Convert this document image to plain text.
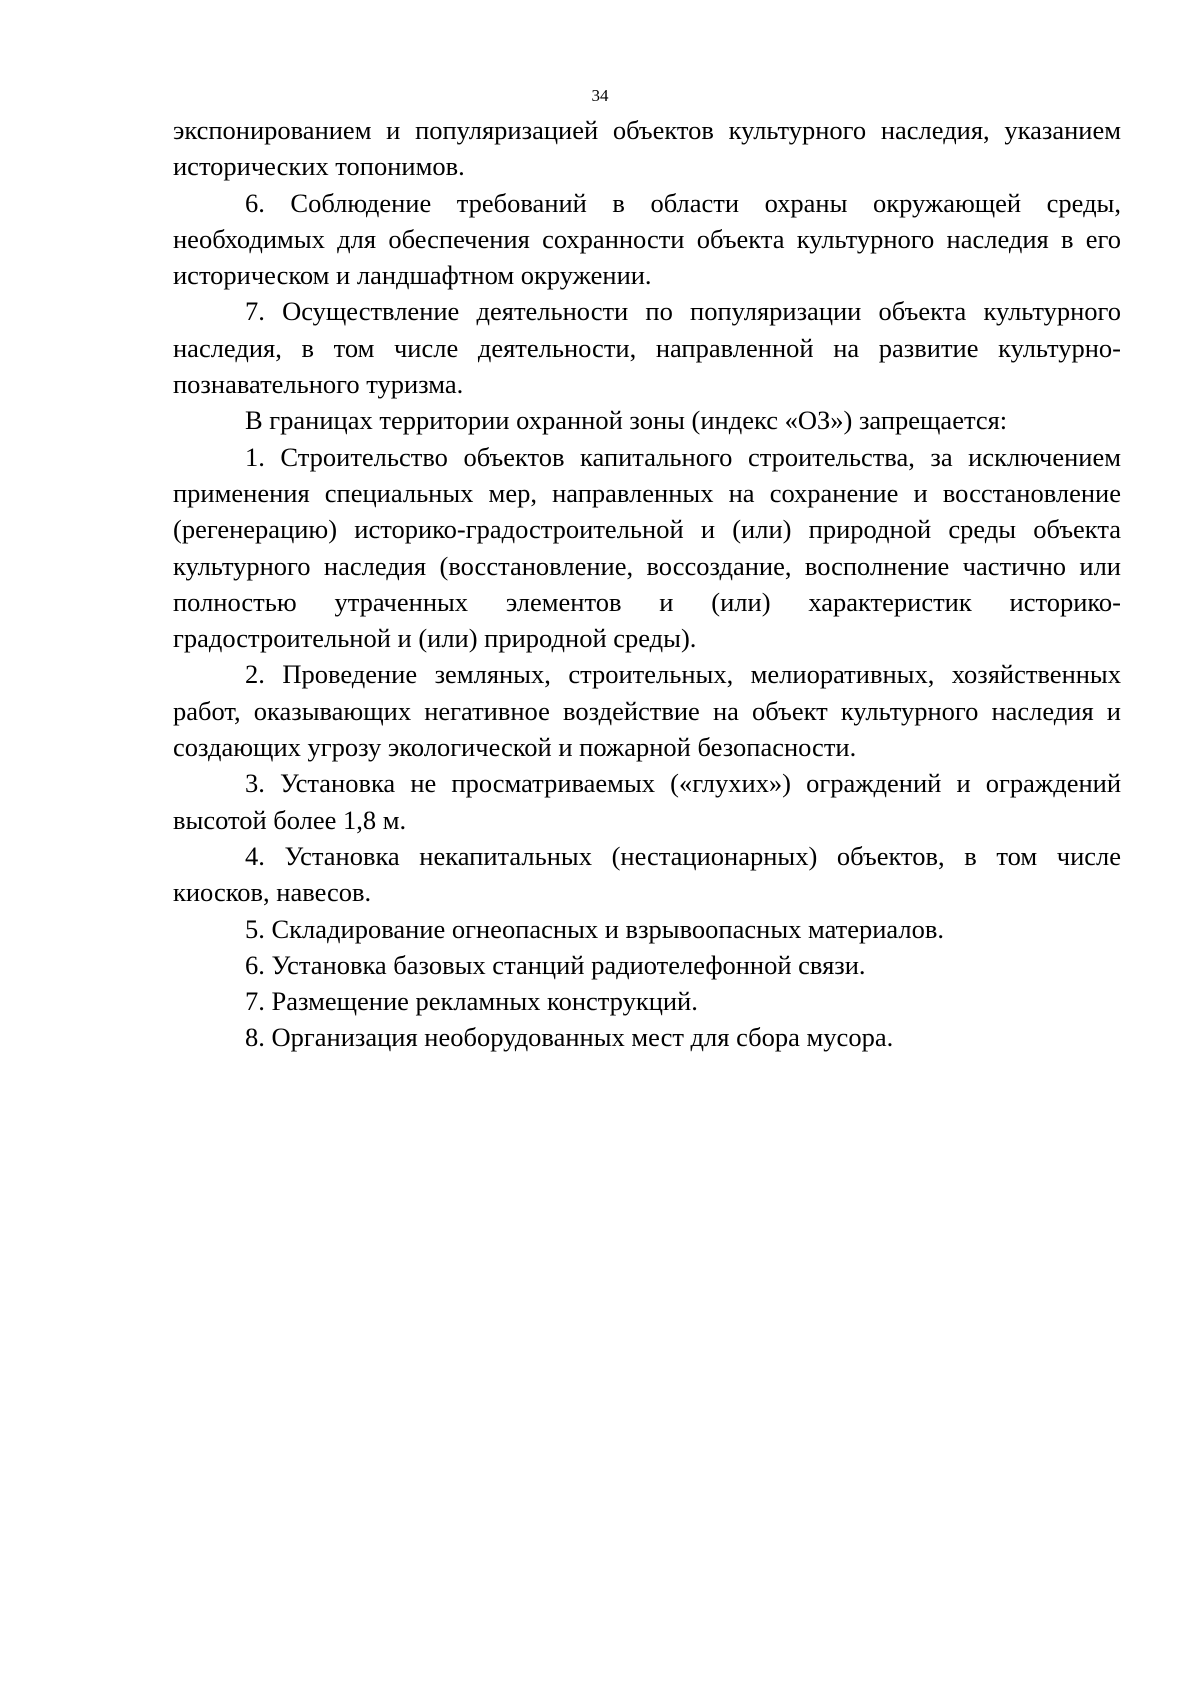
34

экспонированием и популяризацией объектов культурного наследия, указанием исторических топонимов.

6. Соблюдение требований в области охраны окружающей среды, необходимых для обеспечения сохранности объекта культурного наследия в его историческом и ландшафтном окружении.

7. Осуществление деятельности по популяризации объекта культурного наследия, в том числе деятельности, направленной на развитие культурно-познавательного туризма.

В границах территории охранной зоны (индекс «ОЗ») запрещается:

1. Строительство объектов капитального строительства, за исключением применения специальных мер, направленных на сохранение и восстановление (регенерацию) историко-градостроительной и (или) природной среды объекта культурного наследия (восстановление, воссоздание, восполнение частично или полностью утраченных элементов и (или) характеристик историко-градостроительной и (или) природной среды).

2. Проведение земляных, строительных, мелиоративных, хозяйственных работ, оказывающих негативное воздействие на объект культурного наследия и создающих угрозу экологической и пожарной безопасности.

3. Установка не просматриваемых («глухих») ограждений и ограждений высотой более 1,8 м.

4. Установка некапитальных (нестационарных) объектов, в том числе киосков, навесов.

5. Складирование огнеопасных и взрывоопасных материалов.

6. Установка базовых станций радиотелефонной связи.

7. Размещение рекламных конструкций.

8. Организация необорудованных мест для сбора мусора.
